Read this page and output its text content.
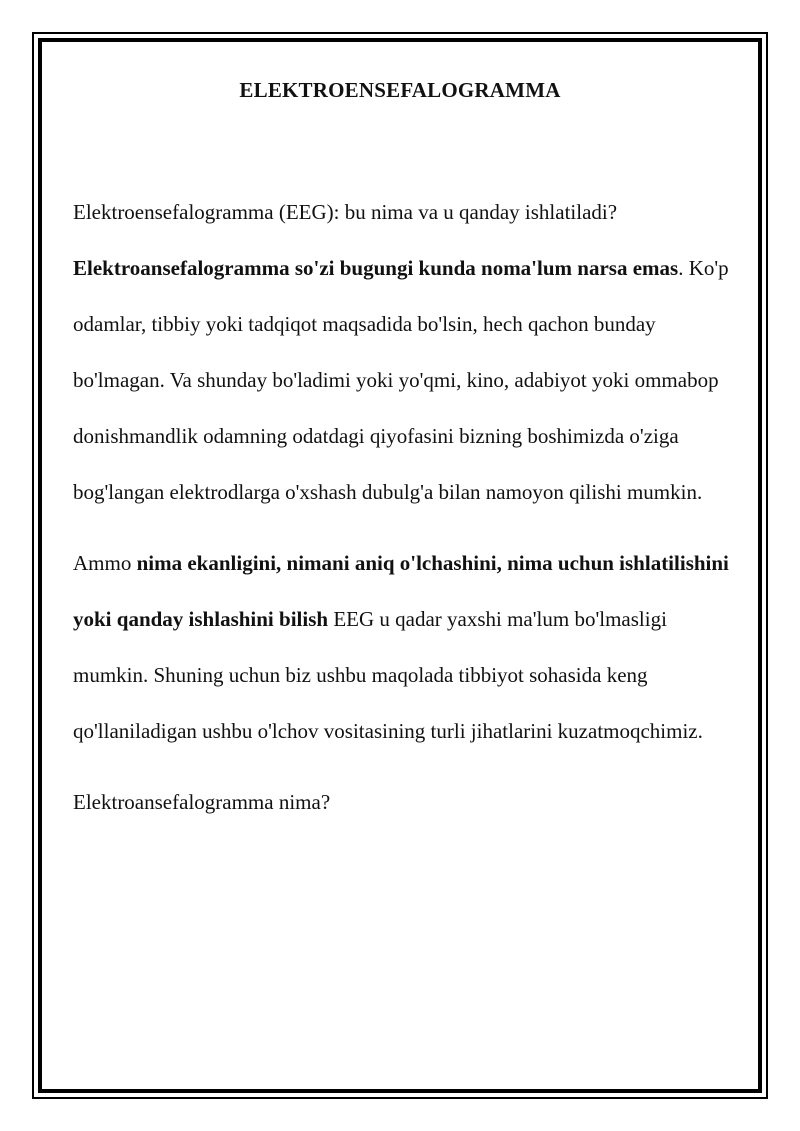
ELEKTROENSEFALOGRAMMA

Elektroensefalogramma (EEG): bu nima va u qanday ishlatiladi?
Elektroansefalogramma so'zi bugungi kunda noma'lum narsa emas. Ko'p odamlar, tibbiy yoki tadqiqot maqsadida bo'lsin, hech qachon bunday bo'lmagan. Va shunday bo'ladimi yoki yo'qmi, kino, adabiyot yoki ommabop donishmandlik odamning odatdagi qiyofasini bizning boshimizda o'ziga bog'langan elektrodlarga o'xshash dubulg'a bilan namoyon qilishi mumkin.

Ammo nima ekanligini, nimani aniq o'lchashini, nima uchun ishlatilishini yoki qanday ishlashini bilish EEG u qadar yaxshi ma'lum bo'lmasligi mumkin. Shuning uchun biz ushbu maqolada tibbiyot sohasida keng qo'llaniladigan ushbu o'lchov vositasining turli jihatlarini kuzatmoqchimiz.

Elektroansefalogramma nima?
